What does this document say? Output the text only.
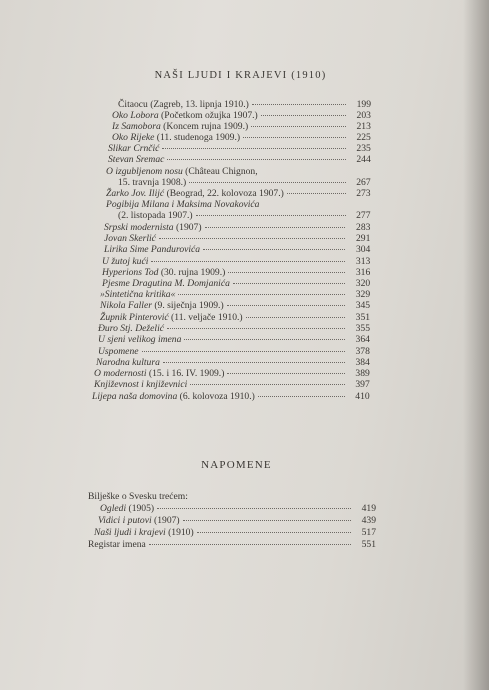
NAŠI LJUDI I KRAJEVI (1910)
Čitaocu (Zagreb, 13. lipnja 1910.)	199
Oko Lobora (Početkom ožujka 1907.)	203
Iz Samobora (Koncem rujna 1909.)	213
Oko Rijeke (11. studenoga 1909.)	225
Slikar Crnčić	235
Stevan Sremac	244
O izgubljenom nosu (Château Chignon,
15. travnja 1908.)	267
Žarko Jov. Ilijć (Beograd, 22. kolovoza 1907.)	273
Pogibija Milana i Maksima Novakovića
(2. listopada 1907.)	277
Srpski modernista (1907)	283
Jovan Skerlić	291
Lirika Sime Pandurovića	304
U žutoj kući	313
Hyperions Tod (30. rujna 1909.)	316
Pjesme Dragutina M. Domjanića	320
»Sintetična kritika«	329
Nikola Faller (9. siječnja 1909.)	345
Župnik Pinterović (11. veljače 1910.)	351
Đuro Stj. Deželić	355
U sjeni velikog imena	364
Uspomene	378
Narodna kultura	384
O modernosti (15. i 16. IV. 1909.)	389
Književnost i književnici	397
Lijepa naša domovina (6. kolovoza 1910.)	410
NAPOMENE
Bilješke o Svesku trećem:
Ogledi (1905)	419
Vidici i putovi (1907)	439
Naši ljudi i krajevi (1910)	517
Registar imena	551
